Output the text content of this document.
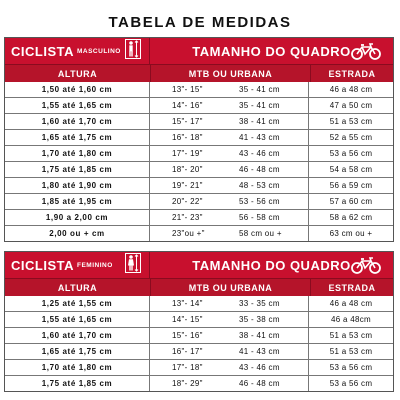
TABELA DE MEDIDAS
CICLISTA MASCULINO	TAMANHO DO QUADRO
ALTURA	MTB OU URBANA	ESTRADA
1,50 até 1,60 cm	13"- 15"	35 - 41 cm	46 a 48 cm
1,55 até 1,65 cm	14"- 16"	35 - 41 cm	47 a 50 cm
1,60 até 1,70 cm	15"- 17"	38 - 41 cm	51 a 53 cm
1,65 até 1,75 cm	16"- 18"	41 - 43 cm	52 a 55 cm
1,70 até 1,80 cm	17"- 19"	43 - 46 cm	53 a 56 cm
1,75 até 1,85 cm	18"- 20"	46 - 48 cm	54 a 58 cm
1,80 até 1,90 cm	19"- 21"	48 - 53 cm	56 a 59 cm
1,85 até 1,95 cm	20"- 22"	53 - 56 cm	57 a 60 cm
1,90 a 2,00 cm	21"- 23"	56 - 58 cm	58 a 62 cm
2,00 ou + cm	23"ou +"	58 cm ou +	63 cm ou +
CICLISTA FEMININO	TAMANHO DO QUADRO
ALTURA	MTB OU URBANA	ESTRADA
1,25 até 1,55 cm	13"- 14"	33 - 35 cm	46 a 48 cm
1,55 até 1,65 cm	14"- 15"	35 - 38 cm	46 a 48cm
1,60 até 1,70 cm	15"- 16"	38 - 41 cm	51 a 53 cm
1,65 até 1,75 cm	16"- 17"	41 - 43 cm	51 a 53 cm
1,70 até 1,80 cm	17"- 18"	43 - 46 cm	53 a 56 cm
1,75 até 1,85 cm	18"- 29"	46 - 48 cm	53 a 56 cm
